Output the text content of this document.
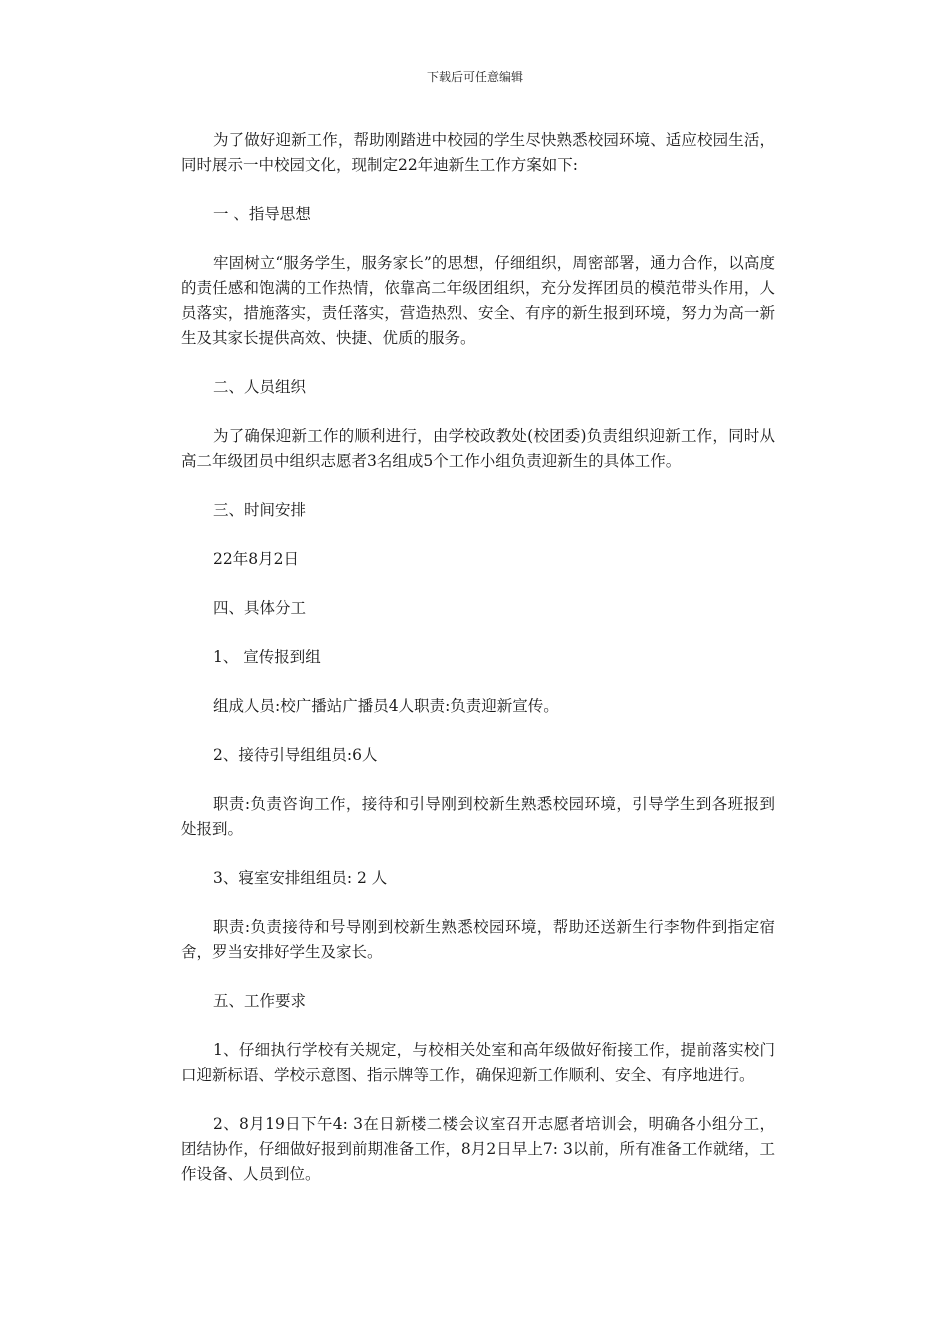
下载后可任意编辑

为了做好迎新工作，帮助刚踏进中校园的学生尽快熟悉校园环境、适应校园生活，同时展示一中校园文化，现制定22年迪新生工作方案如下:

一 、指导思想

牢固树立“服务学生，服务家长”的思想，仔细组织，周密部署，通力合作，以高度的责任感和饱满的工作热情，依靠高二年级团组织，充分发挥团员的模范带头作用，人员落实，措施落实，责任落实，营造热烈、安全、有序的新生报到环境，努力为高一新生及其家长提供高效、快捷、优质的服务。

二、人员组织

为了确保迎新工作的顺利进行，由学校政教处(校团委)负责组织迎新工作，同时从高二年级团员中组织志愿者3名组成5个工作小组负责迎新生的具体工作。

三、时间安排

22年8月2日

四、具体分工

1、 宣传报到组

组成人员:校广播站广播员4人职责:负责迎新宣传。

2、接待引导组组员:6人

职责:负责咨询工作，接待和引导刚到校新生熟悉校园环境，引导学生到各班报到处报到。

3、寝室安排组组员: 2 人

职责:负责接待和号导刚到校新生熟悉校园环境，帮助还送新生行李物件到指定宿舍，罗当安排好学生及家长。

五、工作要求

1、仔细执行学校有关规定，与校相关处室和高年级做好衔接工作，提前落实校门口迎新标语、学校示意图、指示牌等工作，确保迎新工作顺利、安全、有序地进行。

2、8月19日下午4: 3在日新楼二楼会议室召开志愿者培训会，明确各小组分工，团结协作，仔细做好报到前期准备工作，8月2日早上7: 3以前，所有准备工作就绪，工作设备、人员到位。
